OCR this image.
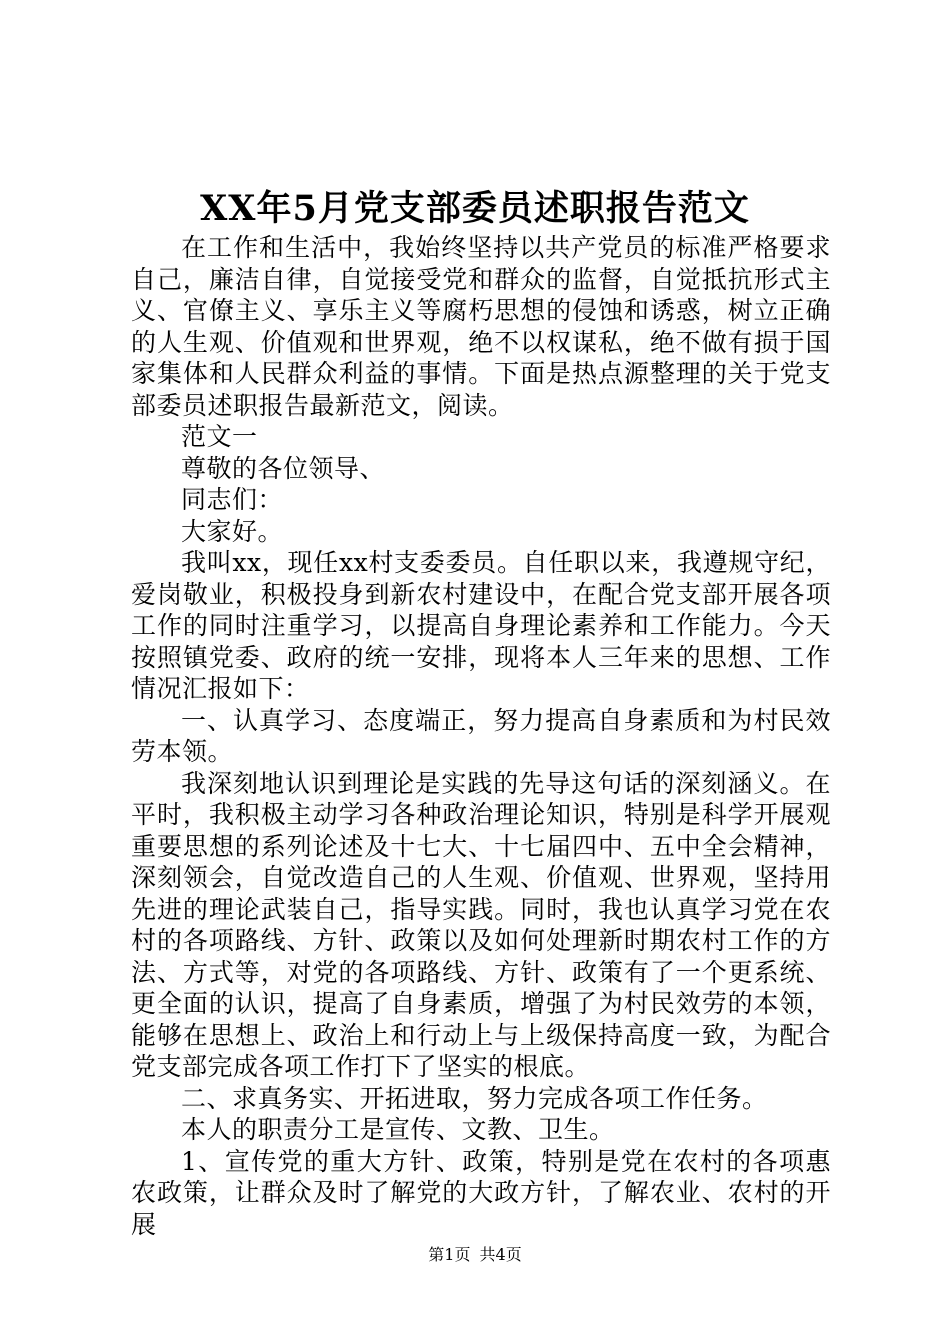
XX年5月党支部委员述职报告范文

在工作和生活中，我始终坚持以共产党员的标准严格要求自己，廉洁自律，自觉接受党和群众的监督，自觉抵抗形式主义、官僚主义、享乐主义等腐朽思想的侵蚀和诱惑，树立正确的人生观、价值观和世界观，绝不以权谋私，绝不做有损于国家集体和人民群众利益的事情。下面是热点源整理的关于党支部委员述职报告最新范文，阅读。

范文一

尊敬的各位领导、

同志们：

大家好。

我叫xx，现任xx村支委委员。自任职以来，我遵规守纪，爱岗敬业，积极投身到新农村建设中，在配合党支部开展各项工作的同时注重学习，以提高自身理论素养和工作能力。今天按照镇党委、政府的统一安排，现将本人三年来的思想、工作情况汇报如下：

一、认真学习、态度端正，努力提高自身素质和为村民效劳本领。

我深刻地认识到理论是实践的先导这句话的深刻涵义。在平时，我积极主动学习各种政治理论知识，特别是科学开展观重要思想的系列论述及十七大、十七届四中、五中全会精神，深刻领会，自觉改造自己的人生观、价值观、世界观，坚持用先进的理论武装自己，指导实践。同时，我也认真学习党在农村的各项路线、方针、政策以及如何处理新时期农村工作的方法、方式等，对党的各项路线、方针、政策有了一个更系统、更全面的认识，提高了自身素质，增强了为村民效劳的本领，能够在思想上、政治上和行动上与上级保持高度一致，为配合党支部完成各项工作打下了坚实的根底。

二、求真务实、开拓进取，努力完成各项工作任务。

本人的职责分工是宣传、文教、卫生。

1、宣传党的重大方针、政策，特别是党在农村的各项惠农政策，让群众及时了解党的大政方针，了解农业、农村的开展

第1页 共4页
